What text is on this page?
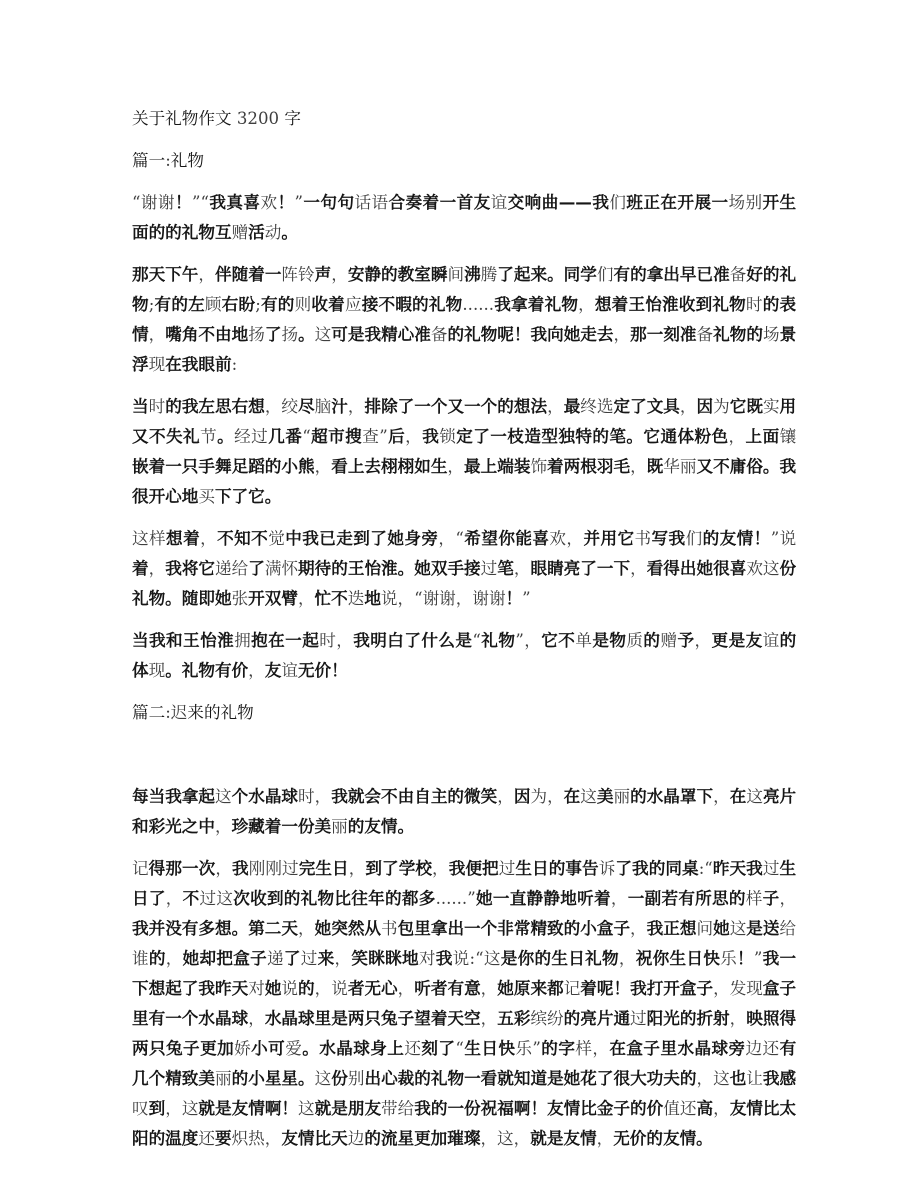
关于礼物作文 3200 字

篇一:礼物

“谢谢！”“我真喜欢！”一句句话语合奏着一首友谊交响曲——我们班正在开展一场别开生面的的礼物互赠活动。

那天下午，伴随着一阵铃声，安静的教室瞬间沸腾了起来。同学们有的拿出早已准备好的礼物;有的左顾右盼;有的则收着应接不暇的礼物......我拿着礼物，想着王怡淮收到礼物时的表情，嘴角不由地扬了扬。这可是我精心准备的礼物呢！我向她走去，那一刻准备礼物的场景浮现在我眼前:

当时的我左思右想，绞尽脑汁，排除了一个又一个的想法，最终选定了文具，因为它既实用又不失礼节。经过几番“超市搜查”后，我锁定了一枝造型独特的笔。它通体粉色，上面镶嵌着一只手舞足蹈的小熊，看上去栩栩如生，最上端装饰着两根羽毛，既华丽又不庸俗。我很开心地买下了它。

这样想着，不知不觉中我已走到了她身旁，“希望你能喜欢，并用它书写我们的友情！”说着，我将它递给了满怀期待的王怡淮。她双手接过笔，眼睛亮了一下，看得出她很喜欢这份礼物。随即她张开双臂，忙不迭地说，“谢谢，谢谢！”

当我和王怡淮拥抱在一起时，我明白了什么是“礼物”，它不单是物质的赠予，更是友谊的体现。礼物有价，友谊无价！

篇二:迟来的礼物

每当我拿起这个水晶球时，我就会不由自主的微笑，因为，在这美丽的水晶罩下，在这亮片和彩光之中，珍藏着一份美丽的友情。

记得那一次，我刚刚过完生日，到了学校，我便把过生日的事告诉了我的同桌:“昨天我过生日了，不过这次收到的礼物比往年的都多......”她一直静静地听着，一副若有所思的样子，我并没有多想。第二天，她突然从书包里拿出一个非常精致的小盒子，我正想问她这是送给谁的，她却把盒子递了过来，笑眯眯地对我说:“这是你的生日礼物，祝你生日快乐！”我一下想起了我昨天对她说的，说者无心，听者有意，她原来都记着呢！我打开盒子，发现盒子里有一个水晶球，水晶球里是两只兔子望着天空，五彩缤纷的亮片通过阳光的折射，映照得两只兔子更加娇小可爱。水晶球身上还刻了“生日快乐”的字样，在盒子里水晶球旁边还有几个精致美丽的小星星。这份别出心裁的礼物一看就知道是她花了很大功夫的，这也让我感叹到，这就是友情啊！这就是朋友带给我的一份祝福啊！友情比金子的价值还高，友情比太阳的温度还要炽热，友情比天边的流星更加璀璨，这，就是友情，无价的友情。
